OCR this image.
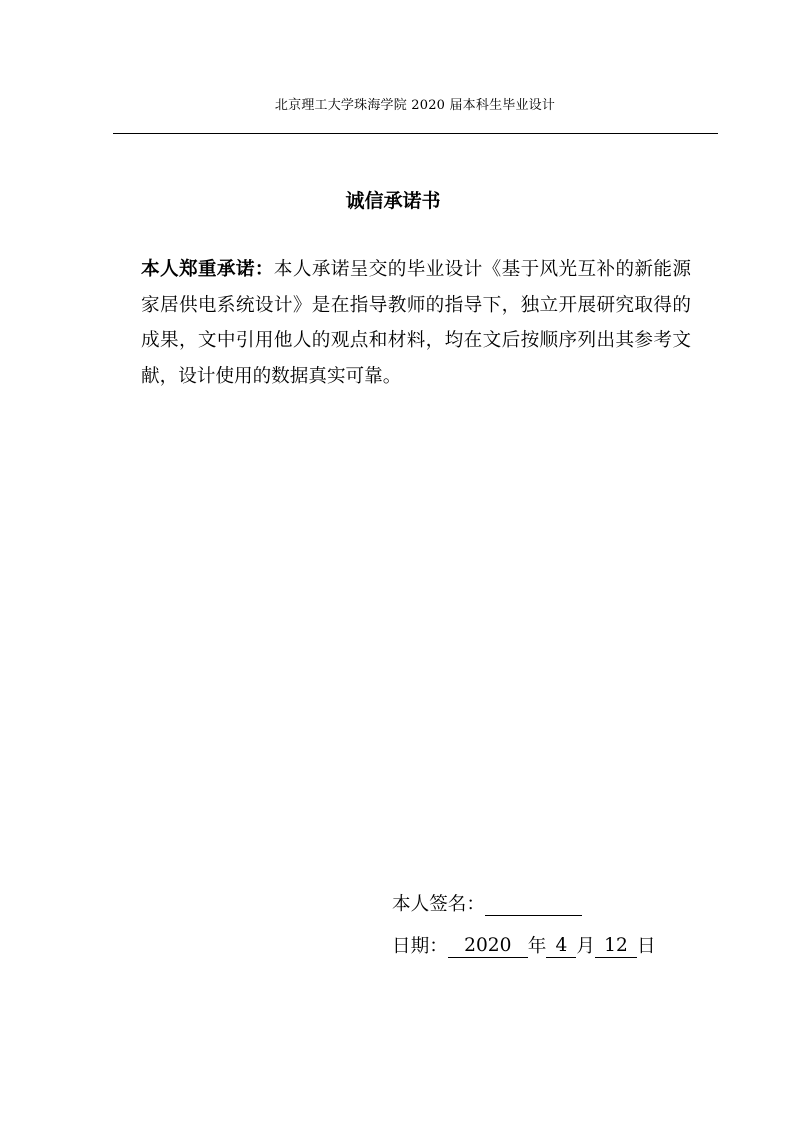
北京理工大学珠海学院 2020 届本科生毕业设计
诚信承诺书

本人郑重承诺：本人承诺呈交的毕业设计《基于风光互补的新能源家居供电系统设计》是在指导教师的指导下，独立开展研究取得的成果，文中引用他人的观点和材料，均在文后按顺序列出其参考文献，设计使用的数据真实可靠。

本人签名：
日期： 2020 年 4 月 12 日
